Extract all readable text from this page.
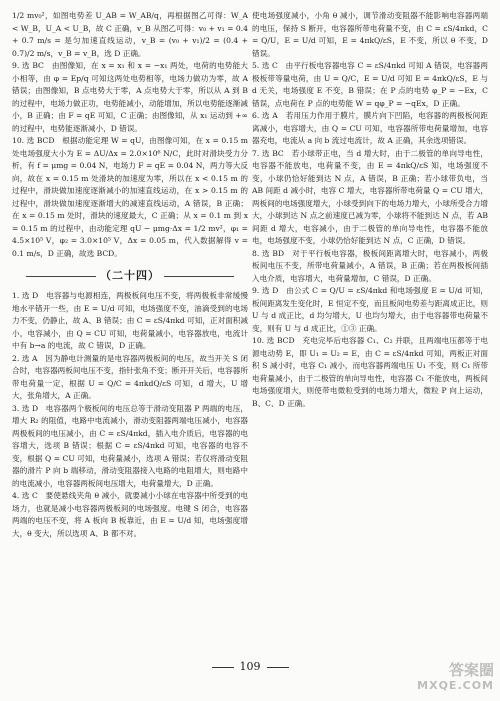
1/2 mv₀²，如图电势差 U_AB = W_AB/q，再根据图乙可得：W_A < W_B，U_A < U_B，故 C 正确，v_B 从图乙可得：v₀ + v₁ = 0.4 + 0.7 m/s = 是匀加速直线运动，v_B = (v₀ + v₁)/2 = (0.4 + 0.7)/2 m/s，v_B = v_B，选 D 正确。

9. 选 BC　由图像知，在 x = x₁ 和 x = −x₁ 两处，电荷的电势能大小相等，由 φ = Ep/q 可知这两处电势相等，电场力做功为零，故 A 错误；由图像知，B 点电势大于零，A 点电势大于零，所以从 A 到 B 的过程中，电场力做正功，电势能减小，动能增加，所以电势能逐渐减小，B 正确；由 F = qE 可知，C 正确；由图像知，从 x₁ 运动到 +∞ 的过程中，电势能逐渐减小，D 错误。

10. 选 BCD　根据动能定理 W = qU，由图像可知，在 x = 0.15 m 处电场强度大小为 E = ΔU/Δx = 2.0×10⁶ N/C，此时对滑块受力分析，有 f = μmg = 0.04 N，电场力 F = qE = 0.04 N，两力等大反向，故在 x = 0.15 m 处滑块的加速度为零，所以在 x < 0.15 m 的过程中，滑块做加速度逐渐减小的加速直线运动，在 x > 0.15 m 的过程中，滑块做加速度逐渐增大的减速直线运动，A 错误，B 正确；在 x = 0.15 m 处时，滑块的速度最大，C 正确；从 x = 0.1 m 到 x = 0.15 m 的过程中，由动能定理 qU − μmg·Δx = 1/2 mv²，φ₁ = 4.5×10⁵ V，φ₂ = 3.0×10⁵ V，Δx = 0.05 m，代入数据解得 v = 0.1 m/s，D 正确，故选 BCD。

（二十四）

1. 选 D　电容器与电源相连，两极板间电压不变，将两极板非常缓慢地水平错开一些，由 E = U/d 可知，电场强度不变，油滴受到的电场力不变，仍静止，故 A、B 错误；由 C = εS/4πkd 可知，正对面积减小，电容减小，由 Q = CU 可知，电荷量减小，电容器放电，电流计中有 b→a 的电流，故 C 错误，D 正确。

2. 选 A　因为静电计测量的是电容器两极板间的电压，故当开关 S 闭合时，电容器两板间电压不变，指针张角不变；断开开关后，电容器所带电荷量一定，根据 U = Q/C = 4πkdQ/εS 可知，d 增大，U 增大，张角增大，A 正确。

3. 选 D　电容器两个极板间的电压总等于滑动变阻器 P 两端的电压，增大 R₂ 的阻值，电路中电流减小，滑动变阻器两端电压减小，电容器两极板间的电压减小，由 C = εS/4πkd，插入电介质后，电容器的电容增大，选项 B 错误；根据 C = εS/4πkd 可知，电容器的电容不变，根据 Q = CU 可知，电荷量减小，选项 A 错误；若仅将滑动变阻器的滑片 P 向 b 端移动，滑动变阻器接入电路的电阻增大，则电路中的电流减小，电容器两板间电压增大，电荷量增大，D 正确。

4. 选 C　要使悬线夹角 θ 减小，就要减小小球在电容器中所受到的电场力，也就是减小电容器两极板间的电场强度。电键 S 闭合，电容器两端的电压不变，将 A 板向 B 板靠近，由 E = U/d 知，电场强度增大，θ 变大，所以选项 A、B 都不对。

使电场强度减小，小角 θ 减小，调节滑动变阻器不能影响电容器两端的电压，保持 S 断开，电容器所带电荷量不变，由 C = εS/4πkd，C = Q/U，E = U/d 可知，E = 4πkQ/εS，E 不变，所以 θ 不变，D 错误。

5. 选 C　由平行板电容器电容 C = εS/4πkd 可知 A 错误，电容器两极板带等量电荷，由 U = Q/C，E = U/d 可知 E = 4πkQ/εS，E 与 d 无关，电场强度 E 不变，B 错误；在 P 点的电势 φ_P = −Ex，C 错误，点电荷在 P 点的电势能 W = qφ_P = −qEx，D 正确。

6. 选 A　若用压力作用于膜片，膜片向下凹陷，电容器的两极板间距离减小，电容增大，由 Q = CU 可知，电容器所带电荷量增加，电容器充电，电流从 a 向 b 流过电流计，故 A 正确，其余选项错误。

7. 选 BC　若小球带正电，当 d 增大时，由于二极管的单向导电性，电容器不能放电，电荷量不变，由 E = 4πkQ/εS 知，电场强度不变，小球仍恰好能到达 N 点，A 错误，B 正确；若小球带负电，当 AB 间距 d 减小时，电容 C 增大，电容器所带电荷量 Q = CU 增大，两板间的电场强度增大，小球受到向下的电场力增大，小球所受合力增大，小球到达 N 点之前速度已减为零，小球将不能到达 N 点，若 AB 间距 d 增大，电容减小，由于二极管的单向导电性，电容器不能放电，电场强度不变，小球仍恰好能到达 N 点，C 正确，D 错误。

8. 选 BD　对于平行板电容器，极板间距离增大时，电容减小，两极板间电压不变，所带电荷量减小，A 错误，B 正确；若在两极板间插入电介质，电容增大，电荷量增加，C 错误，D 正确。

9. 选 D　由公式 C = Q/U = εS/4πkd 和电场强度 E = U/d 可知，板间距离发生变化时，E 恒定不变，而且板间电势差与距离成正比，则 U 与 d 成正比，d 均匀增大，U 也均匀增大，由于电容器带电荷量不变，则有 U 与 d 成正比，①③ 正确。

10. 选 BCD　充电完毕后电容器 C₁、C₂ 并联，且两端电压都等于电源电动势 E，即 U₁ = U₂ = E，由 C = εS/4πkd 可知，两板正对面积 S 减小时，电容 C₁ 减小，而电容器两端电压 U₁ 不变，则 C₁ 所带电荷量减小，由于二极管的单向导电性，电容器 C₁ 不能放电，两板间电场强度增大，则使带电微粒受到的电场力增大，微粒 P 向上运动，B、C、D 正确。

109	答案圈
MXQE.COM
